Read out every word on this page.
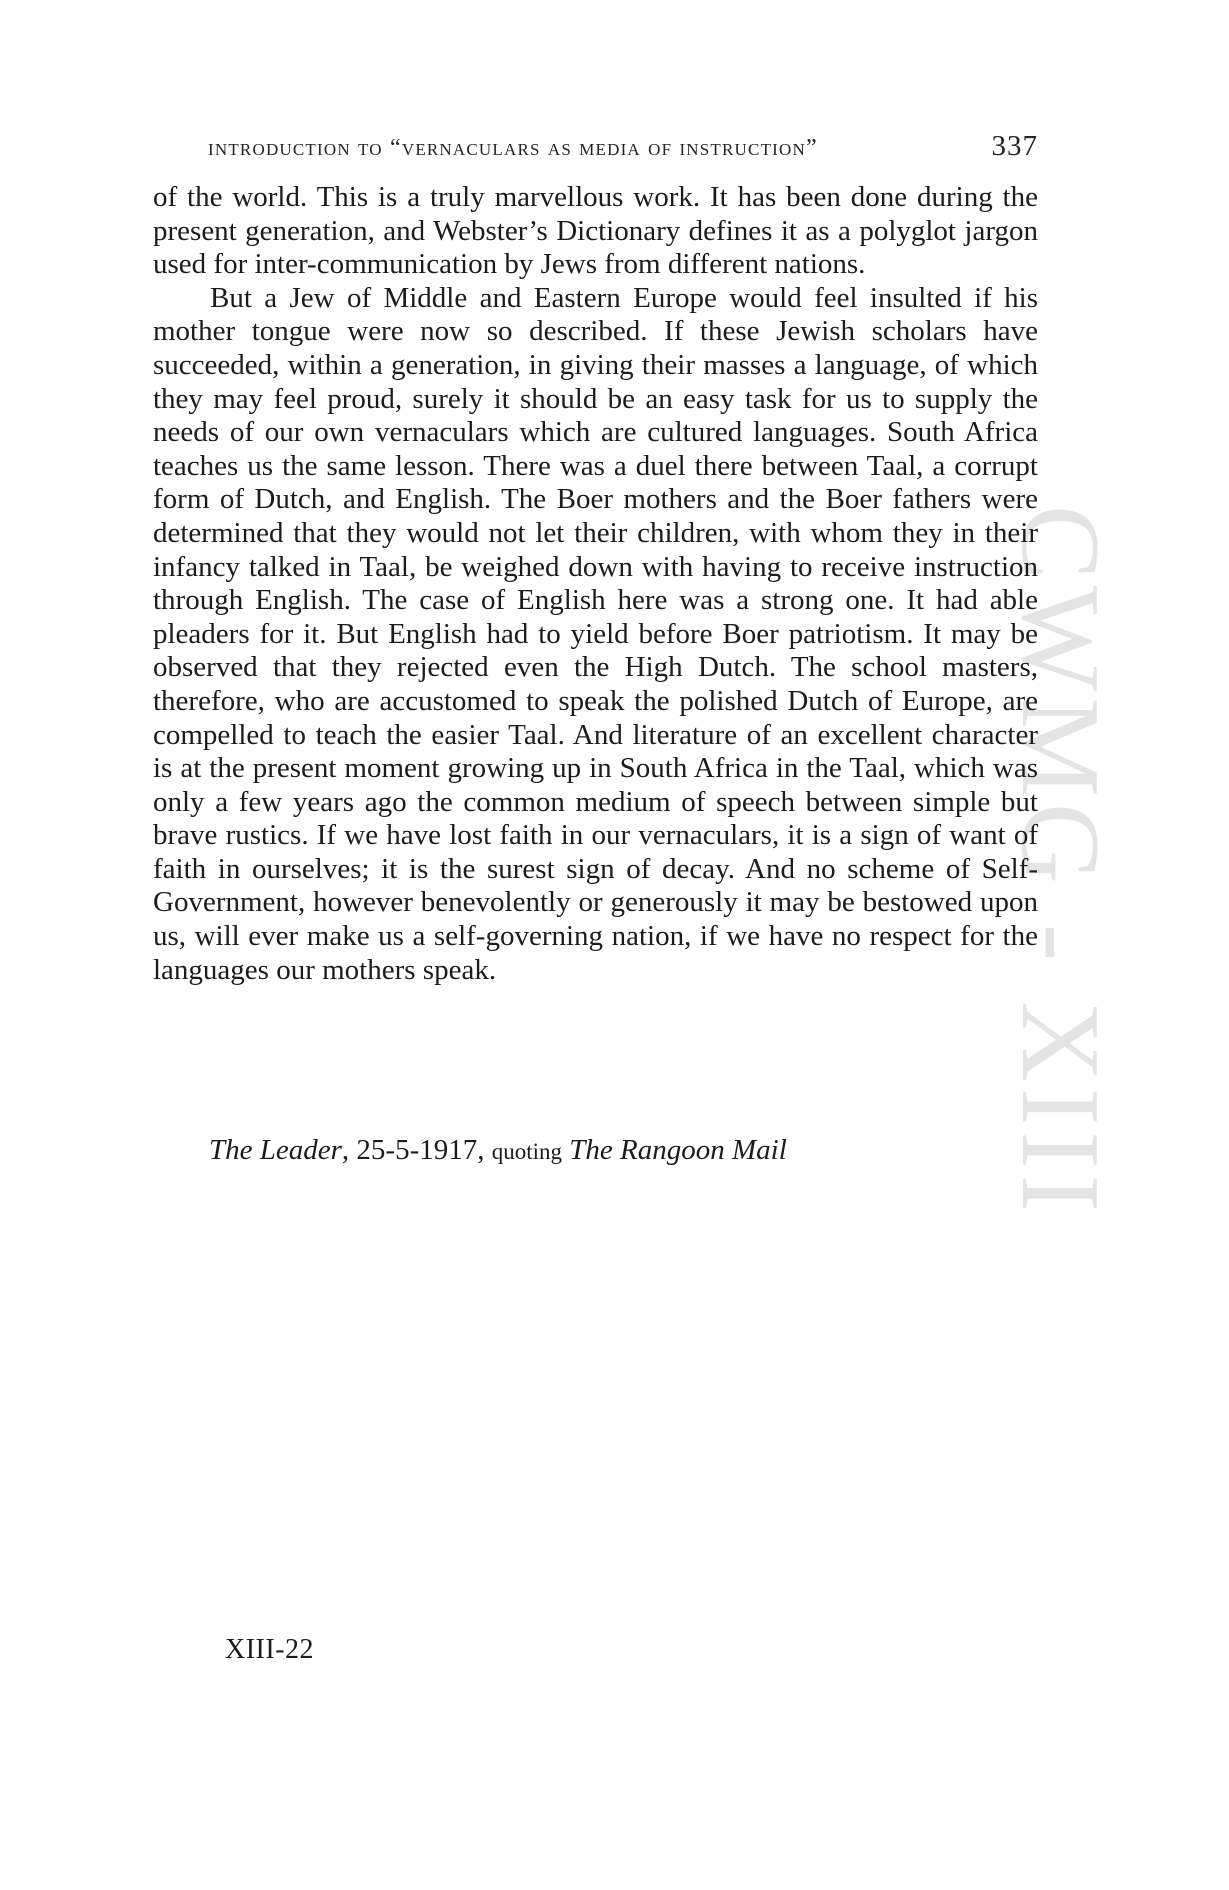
CWMG - XIII
introduction to “vernaculars as media of instruction”	337

of the world. This is a truly marvellous work. It has been done during the present generation, and Webster’s Dictionary defines it as a polyglot jargon used for inter-communication by Jews from different nations.

But a Jew of Middle and Eastern Europe would feel insulted if his mother tongue were now so described. If these Jewish scholars have succeeded, within a generation, in giving their masses a language, of which they may feel proud, surely it should be an easy task for us to supply the needs of our own vernaculars which are cultured languages. South Africa teaches us the same lesson. There was a duel there between Taal, a corrupt form of Dutch, and English. The Boer mothers and the Boer fathers were determined that they would not let their children, with whom they in their infancy talked in Taal, be weighed down with having to receive instruction through English. The case of English here was a strong one. It had able pleaders for it. But English had to yield before Boer patriotism. It may be observed that they rejected even the High Dutch. The school masters, therefore, who are accustomed to speak the polished Dutch of Europe, are compelled to teach the easier Taal. And literature of an excellent character is at the present moment growing up in South Africa in the Taal, which was only a few years ago the common medium of speech between simple but brave rustics. If we have lost faith in our vernaculars, it is a sign of want of faith in ourselves; it is the surest sign of decay. And no scheme of Self-Government, however benevolently or generously it may be bestowed upon us, will ever make us a self-governing nation, if we have no respect for the languages our mothers speak.

The Leader, 25-5-1917, quoting The Rangoon Mail
XIII-22
